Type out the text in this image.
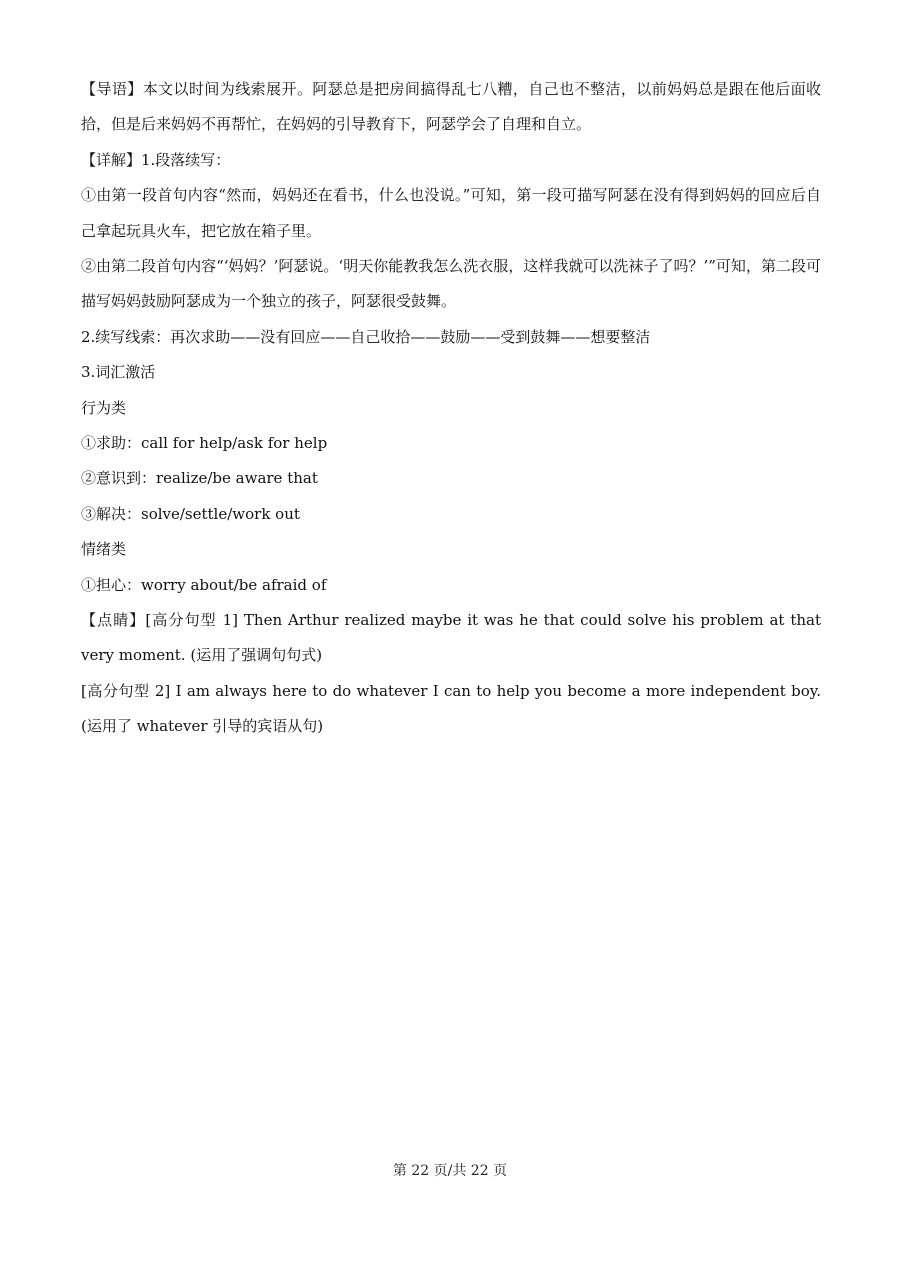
【导语】本文以时间为线索展开。阿瑟总是把房间搞得乱七八糟，自己也不整洁，以前妈妈总是跟在他后面收拾，但是后来妈妈不再帮忙，在妈妈的引导教育下，阿瑟学会了自理和自立。
【详解】1.段落续写：
①由第一段首句内容“然而，妈妈还在看书，什么也没说。”可知，第一段可描写阿瑟在没有得到妈妈的回应后自己拿起玩具火车，把它放在箱子里。
②由第二段首句内容“‘妈妈？’阿瑟说。‘明天你能教我怎么洗衣服，这样我就可以洗袜子了吗？’”可知，第二段可描写妈妈鼓励阿瑟成为一个独立的孩子，阿瑟很受鼓舞。
2.续写线索：再次求助——没有回应——自己收拾——鼓励——受到鼓舞——想要整洁
3.词汇激活
行为类
①求助：call for help/ask for help
②意识到：realize/be aware that
③解决：solve/settle/work out
情绪类
①担心：worry about/be afraid of
【点睛】[高分句型 1] Then Arthur realized maybe it was he that could solve his problem at that very moment. (运用了强调句句式)
[高分句型 2] I am always here to do whatever I can to help you become a more independent boy. (运用了 whatever 引导的宾语从句)
第 22 页/共 22 页
